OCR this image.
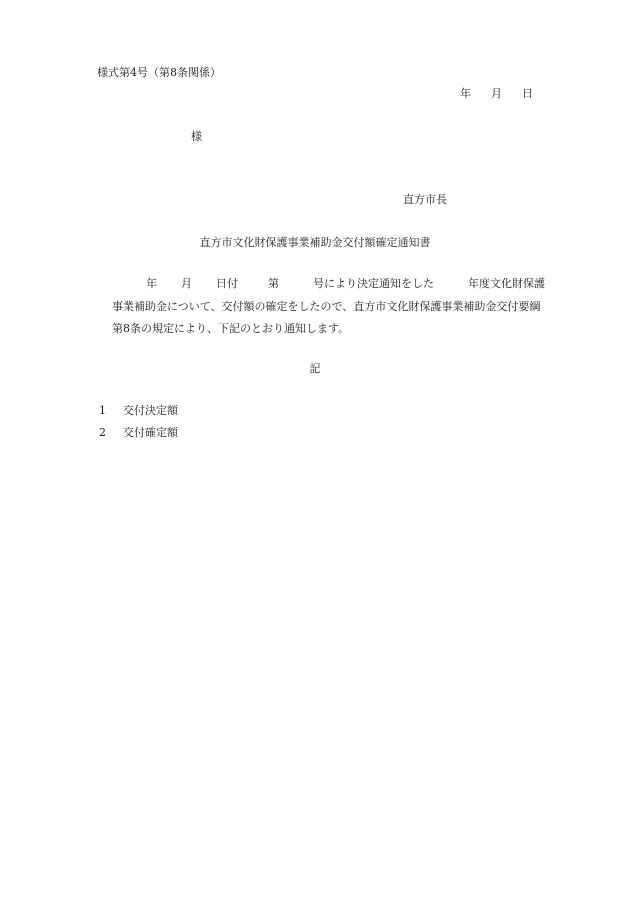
様式第4号（第8条関係）
年 月 日
様
直方市長
直方市文化財保護事業補助金交付額確定通知書
年 月 日付	第	号により決定通知をした	年度文化財保護
事業補助金について、交付額の確定をしたので、直方市文化財保護事業補助金交付要綱
第8条の規定により、下記のとおり通知します。
記
1 交付決定額
2 交付確定額
